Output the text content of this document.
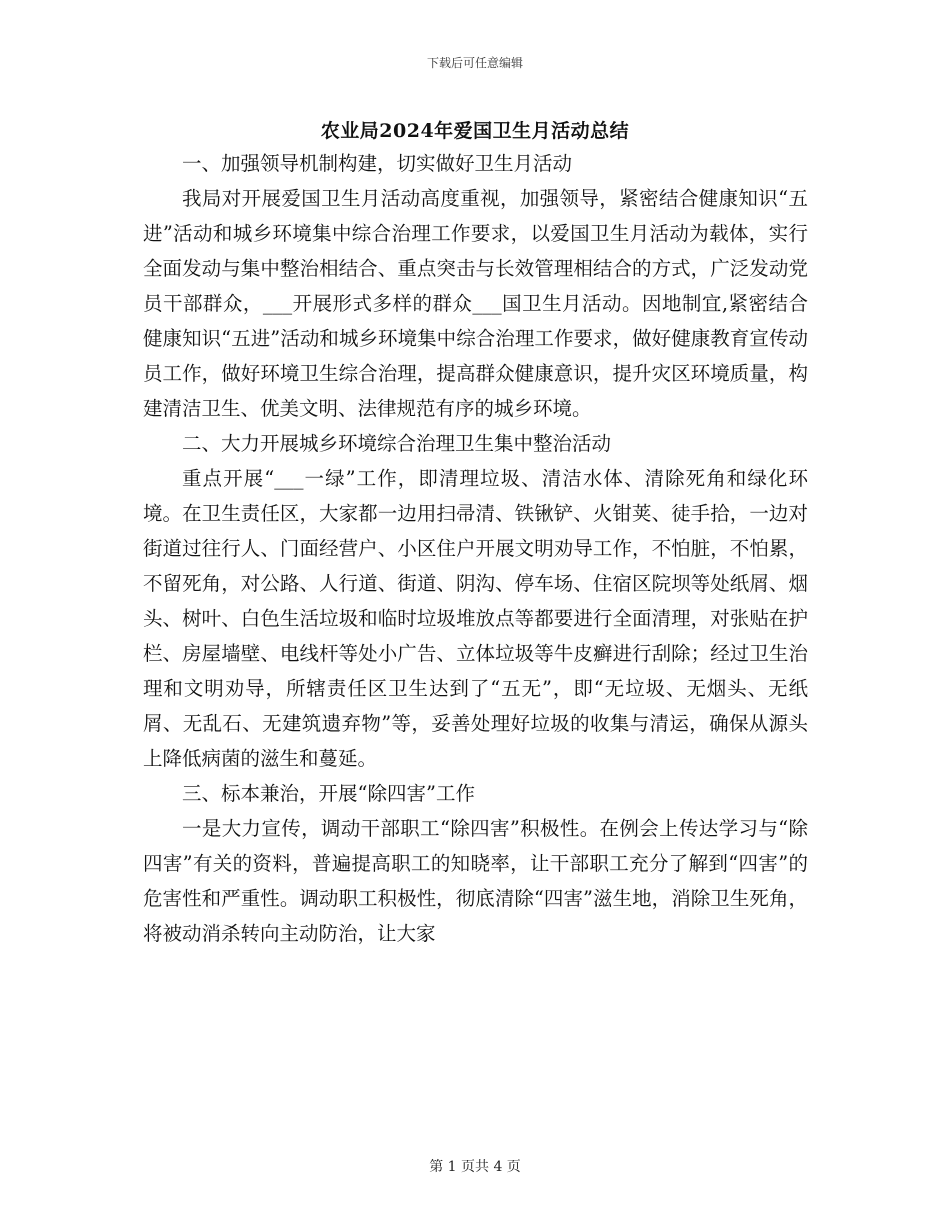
下载后可任意编辑
农业局2024年爱国卫生月活动总结

一、加强领导机制构建，切实做好卫生月活动

我局对开展爱国卫生月活动高度重视，加强领导，紧密结合健康知识“五进”活动和城乡环境集中综合治理工作要求，以爱国卫生月活动为载体，实行全面发动与集中整治相结合、重点突击与长效管理相结合的方式，广泛发动党员干部群众，___开展形式多样的群众___国卫生月活动。因地制宜,紧密结合健康知识“五进”活动和城乡环境集中综合治理工作要求，做好健康教育宣传动员工作，做好环境卫生综合治理，提高群众健康意识，提升灾区环境质量，构建清洁卫生、优美文明、法律规范有序的城乡环境。

二、大力开展城乡环境综合治理卫生集中整治活动

重点开展“___一绿”工作，即清理垃圾、清洁水体、清除死角和绿化环境。在卫生责任区，大家都一边用扫帚清、铁锹铲、火钳荚、徒手拾，一边对街道过往行人、门面经营户、小区住户开展文明劝导工作，不怕脏，不怕累，不留死角，对公路、人行道、街道、阴沟、停车场、住宿区院坝等处纸屑、烟头、树叶、白色生活垃圾和临时垃圾堆放点等都要进行全面清理，对张贴在护栏、房屋墙壁、电线杆等处小广告、立体垃圾等牛皮癣进行刮除；经过卫生治理和文明劝导，所辖责任区卫生达到了“五无”，即“无垃圾、无烟头、无纸屑、无乱石、无建筑遗弃物”等，妥善处理好垃圾的收集与清运，确保从源头上降低病菌的滋生和蔓延。

三、标本兼治，开展“除四害”工作

一是大力宣传，调动干部职工“除四害”积极性。在例会上传达学习与“除四害”有关的资料，普遍提高职工的知晓率，让干部职工充分了解到“四害”的危害性和严重性。调动职工积极性，彻底清除“四害”滋生地，消除卫生死角，将被动消杀转向主动防治，让大家

第 1 页共 4 页
